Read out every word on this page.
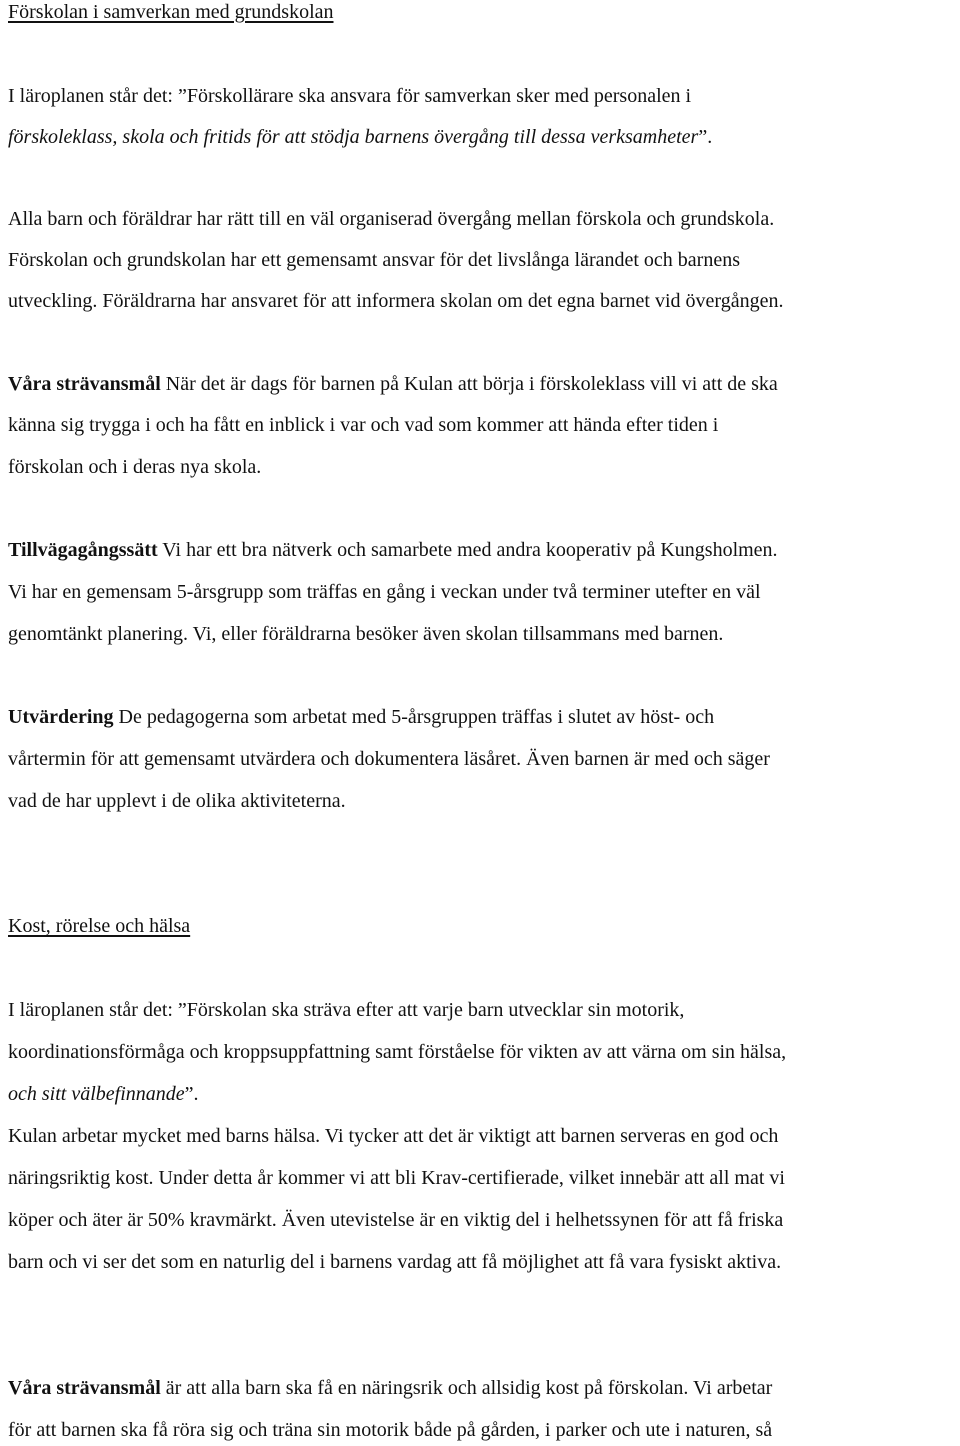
Förskolan i samverkan med grundskolan
I läroplanen står det: ”Förskollärare ska ansvara för samverkan sker med personalen i
förskoleklass, skola och fritids för att stödja barnens övergång till dessa verksamheter”.
Alla barn och föräldrar har rätt till en väl organiserad övergång mellan förskola och grundskola.
Förskolan och grundskolan har ett gemensamt ansvar för det livslånga lärandet och barnens
utveckling. Föräldrarna har ansvaret för att informera skolan om det egna barnet vid övergången.
Våra strävansmål När det är dags för barnen på Kulan att börja i förskoleklass vill vi att de ska
känna sig trygga i och ha fått en inblick i var och vad som kommer att hända efter tiden i
förskolan och i deras nya skola.
Tillvägagångssätt Vi har ett bra nätverk och samarbete med andra kooperativ på Kungsholmen.
Vi har en gemensam 5-årsgrupp som träffas en gång i veckan under två terminer utefter en väl
genomtänkt planering. Vi, eller föräldrarna besöker även skolan tillsammans med barnen.
Utvärdering De pedagogerna som arbetat med 5-årsgruppen träffas i slutet av höst- och
vårtermin för att gemensamt utvärdera och dokumentera läsåret. Även barnen är med och säger
vad de har upplevt i de olika aktiviteterna.
Kost, rörelse och hälsa
I läroplanen står det: ”Förskolan ska sträva efter att varje barn utvecklar sin motorik,
koordinationsförmåga och kroppsuppfattning samt förståelse för vikten av att värna om sin hälsa,
och sitt välbefinnande”.
Kulan arbetar mycket med barns hälsa. Vi tycker att det är viktigt att barnen serveras en god och
näringsriktig kost. Under detta år kommer vi att bli Krav-certifierade, vilket innebär att all mat vi
köper och äter är 50% kravmärkt. Även utevistelse är en viktig del i helhetssynen för att få friska
barn och vi ser det som en naturlig del i barnens vardag att få möjlighet att få vara fysiskt aktiva.
Våra strävansmål är att alla barn ska få en näringsrik och allsidig kost på förskolan. Vi arbetar
för att barnen ska få röra sig och träna sin motorik både på gården, i parker och ute i naturen, så
